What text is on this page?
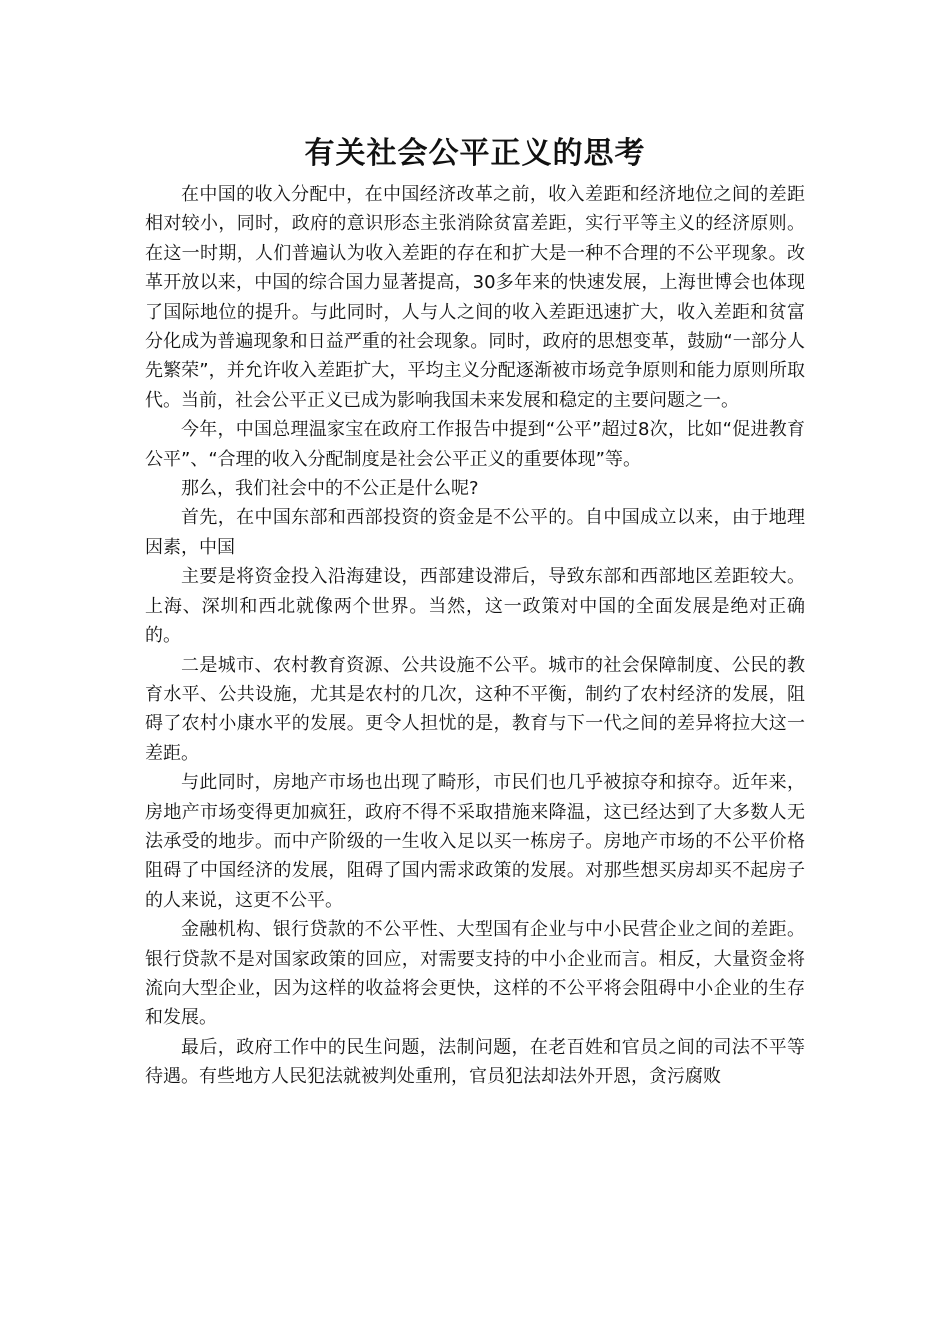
有关社会公平正义的思考

在中国的收入分配中，在中国经济改革之前，收入差距和经济地位之间的差距相对较小，同时，政府的意识形态主张消除贫富差距，实行平等主义的经济原则。在这一时期，人们普遍认为收入差距的存在和扩大是一种不合理的不公平现象。改革开放以来，中国的综合国力显著提高，30多年来的快速发展，上海世博会也体现了国际地位的提升。与此同时，人与人之间的收入差距迅速扩大，收入差距和贫富分化成为普遍现象和日益严重的社会现象。同时，政府的思想变革，鼓励“一部分人先繁荣”，并允许收入差距扩大，平均主义分配逐渐被市场竞争原则和能力原则所取代。当前，社会公平正义已成为影响我国未来发展和稳定的主要问题之一。

今年，中国总理温家宝在政府工作报告中提到“公平”超过8次，比如“促进教育公平”、“合理的收入分配制度是社会公平正义的重要体现”等。

那么，我们社会中的不公正是什么呢?

首先，在中国东部和西部投资的资金是不公平的。自中国成立以来，由于地理因素，中国

主要是将资金投入沿海建设，西部建设滞后，导致东部和西部地区差距较大。上海、深圳和西北就像两个世界。当然，这一政策对中国的全面发展是绝对正确的。

二是城市、农村教育资源、公共设施不公平。城市的社会保障制度、公民的教育水平、公共设施，尤其是农村的几次，这种不平衡，制约了农村经济的发展，阻碍了农村小康水平的发展。更令人担忧的是，教育与下一代之间的差异将拉大这一差距。

与此同时，房地产市场也出现了畸形，市民们也几乎被掠夺和掠夺。近年来，房地产市场变得更加疯狂，政府不得不采取措施来降温，这已经达到了大多数人无法承受的地步。而中产阶级的一生收入足以买一栋房子。房地产市场的不公平价格阻碍了中国经济的发展，阻碍了国内需求政策的发展。对那些想买房却买不起房子的人来说，这更不公平。

金融机构、银行贷款的不公平性、大型国有企业与中小民营企业之间的差距。银行贷款不是对国家政策的回应，对需要支持的中小企业而言。相反，大量资金将流向大型企业，因为这样的收益将会更快，这样的不公平将会阻碍中小企业的生存和发展。

最后，政府工作中的民生问题，法制问题，在老百姓和官员之间的司法不平等待遇。有些地方人民犯法就被判处重刑，官员犯法却法外开恩，贪污腐败
